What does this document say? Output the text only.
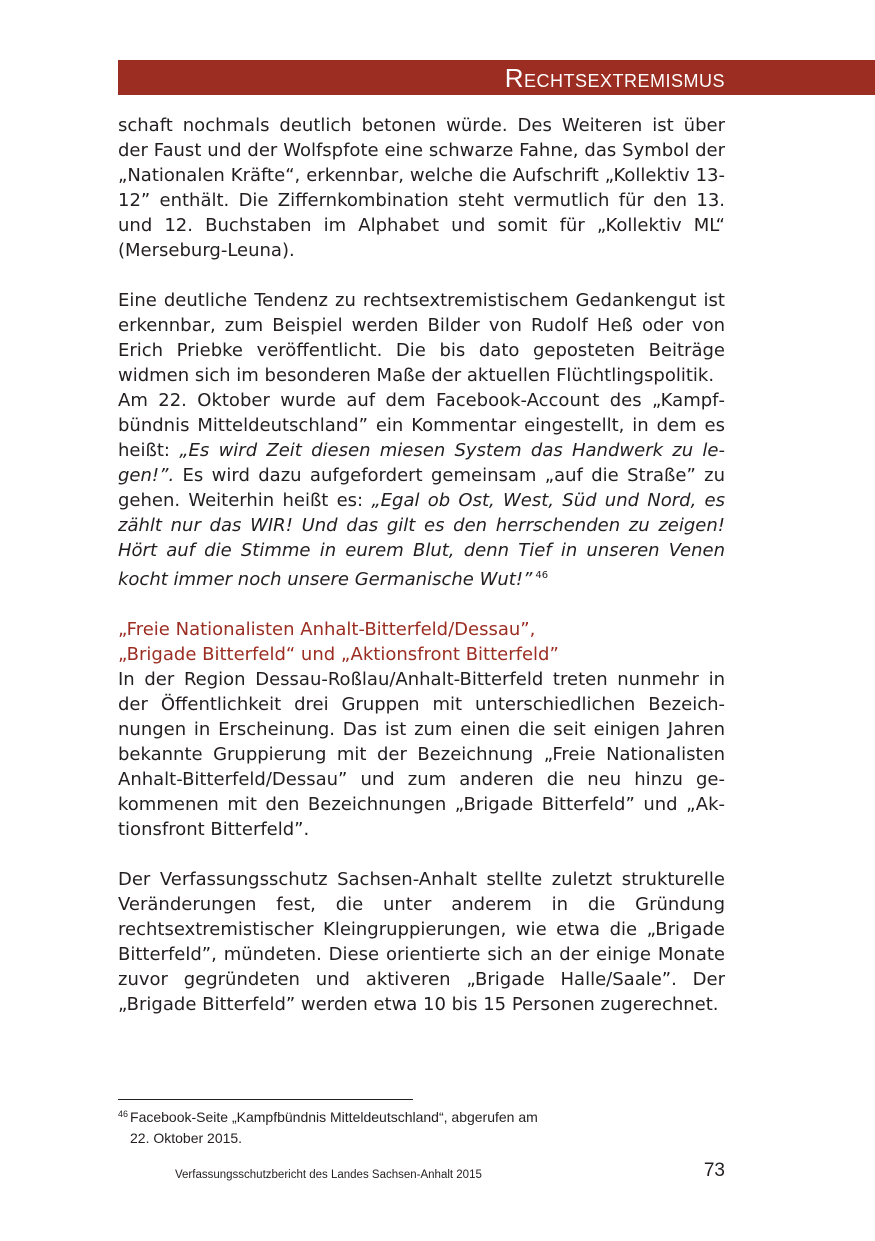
Rechtsextremismus

schaft nochmals deutlich betonen würde. Des Weiteren ist über der Faust und der Wolfspfote eine schwarze Fahne, das Symbol der „Nationalen Kräfte“, erkennbar, welche die Aufschrift „Kollektiv 13-12” enthält. Die Ziffernkombination steht vermutlich für den 13. und 12. Buchstaben im Alphabet und somit für „Kollektiv ML“ (Merseburg-Leuna).

Eine deutliche Tendenz zu rechtsextremistischem Gedankengut ist erkennbar, zum Beispiel werden Bilder von Rudolf Heß oder von Erich Priebke veröffentlicht. Die bis dato geposteten Beiträge widmen sich im besonderen Maße der aktuellen Flüchtlingspolitik.

Am 22. Oktober wurde auf dem Facebook-Account des „Kampfbündnis Mitteldeutschland” ein Kommentar eingestellt, in dem es heißt: „Es wird Zeit diesen miesen System das Handwerk zu legen!”. Es wird dazu aufgefordert gemeinsam „auf die Straße” zu gehen. Weiterhin heißt es: „Egal ob Ost, West, Süd und Nord, es zählt nur das WIR! Und das gilt es den herrschenden zu zeigen! Hört auf die Stimme in eurem Blut, denn Tief in unseren Venen kocht immer noch unsere Germanische Wut!” $^{46}$

„Freie Nationalisten Anhalt-Bitterfeld/Dessau”,
„Brigade Bitterfeld“ und „Aktionsfront Bitterfeld”

In der Region Dessau-Roßlau/Anhalt-Bitterfeld treten nunmehr in der Öffentlichkeit drei Gruppen mit unterschiedlichen Bezeichnungen in Erscheinung. Das ist zum einen die seit einigen Jahren bekannte Gruppierung mit der Bezeichnung „Freie Nationalisten Anhalt-Bitterfeld/Dessau” und zum anderen die neu hinzu gekommenen mit den Bezeichnungen „Brigade Bitterfeld” und „Aktionsfront Bitterfeld”.

Der Verfassungsschutz Sachsen-Anhalt stellte zuletzt strukturelle Veränderungen fest, die unter anderem in die Gründung rechtsextremistischer Kleingruppierungen, wie etwa die „Brigade Bitterfeld”, mündeten. Diese orientierte sich an der einige Monate zuvor gegründeten und aktiveren „Brigade Halle/Saale”. Der „Brigade Bitterfeld” werden etwa 10 bis 15 Personen zugerechnet.

$^{46}$ Facebook-Seite „Kampfbündnis Mitteldeutschland“, abgerufen am
22. Oktober 2015.
Verfassungsschutzbericht des Landes Sachsen-Anhalt 2015	73
